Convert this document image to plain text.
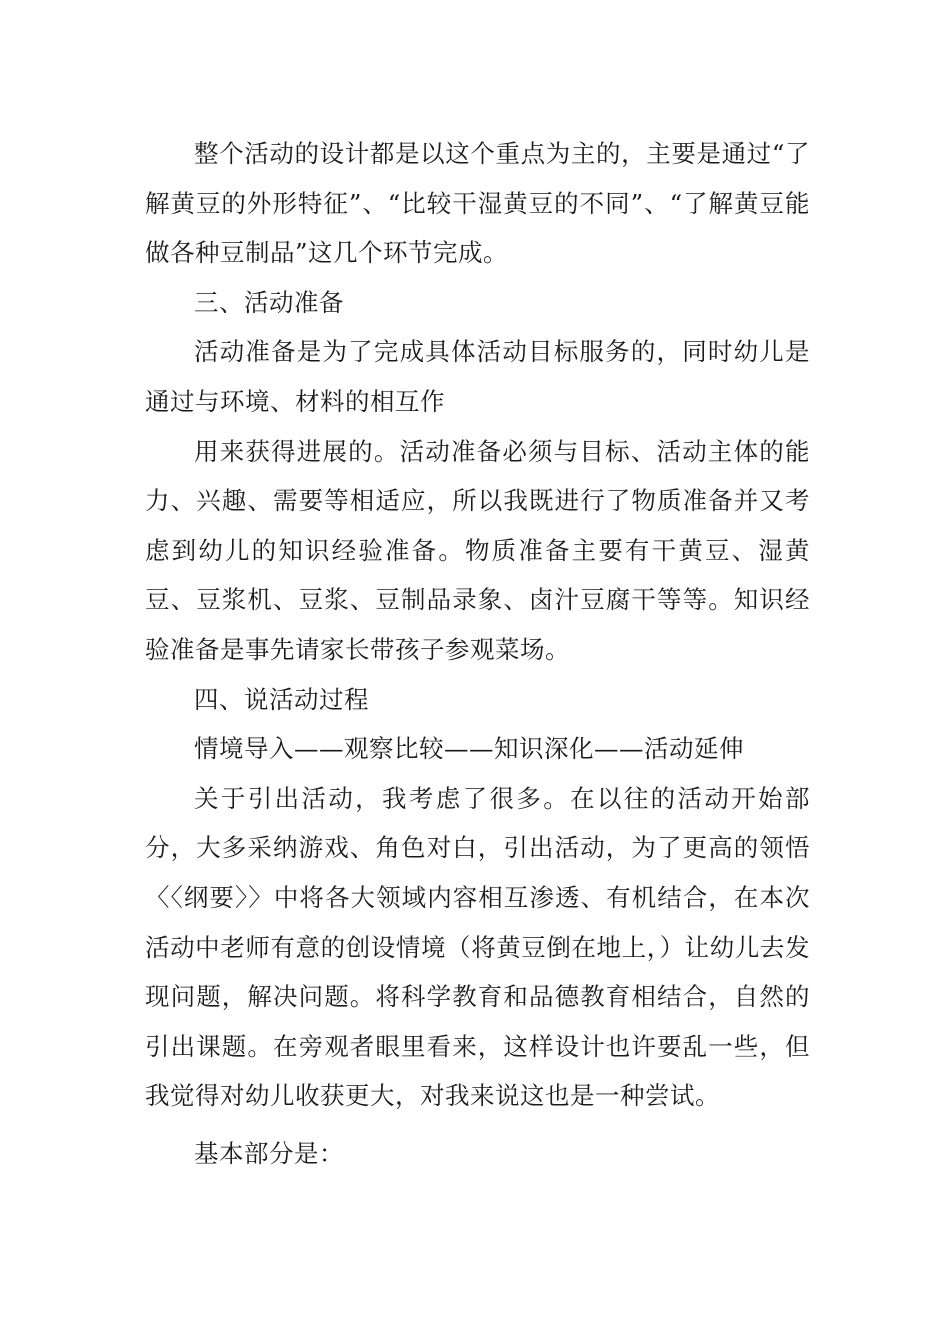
整个活动的设计都是以这个重点为主的，主要是通过“了解黄豆的外形特征”、“比较干湿黄豆的不同”、“了解黄豆能做各种豆制品”这几个环节完成。

三、活动准备

活动准备是为了完成具体活动目标服务的，同时幼儿是通过与环境、材料的相互作

用来获得进展的。活动准备必须与目标、活动主体的能力、兴趣、需要等相适应，所以我既进行了物质准备并又考虑到幼儿的知识经验准备。物质准备主要有干黄豆、湿黄豆、豆浆机、豆浆、豆制品录象、卤汁豆腐干等等。知识经验准备是事先请家长带孩子参观菜场。

四、说活动过程

情境导入——观察比较——知识深化——活动延伸

关于引出活动，我考虑了很多。在以往的活动开始部分，大多采纳游戏、角色对白，引出活动，为了更高的领悟〈〈纲要〉〉中将各大领域内容相互渗透、有机结合，在本次活动中老师有意的创设情境（将黄豆倒在地上，）让幼儿去发现问题，解决问题。将科学教育和品德教育相结合，自然的引出课题。在旁观者眼里看来，这样设计也许要乱一些，但我觉得对幼儿收获更大，对我来说这也是一种尝试。

基本部分是：
